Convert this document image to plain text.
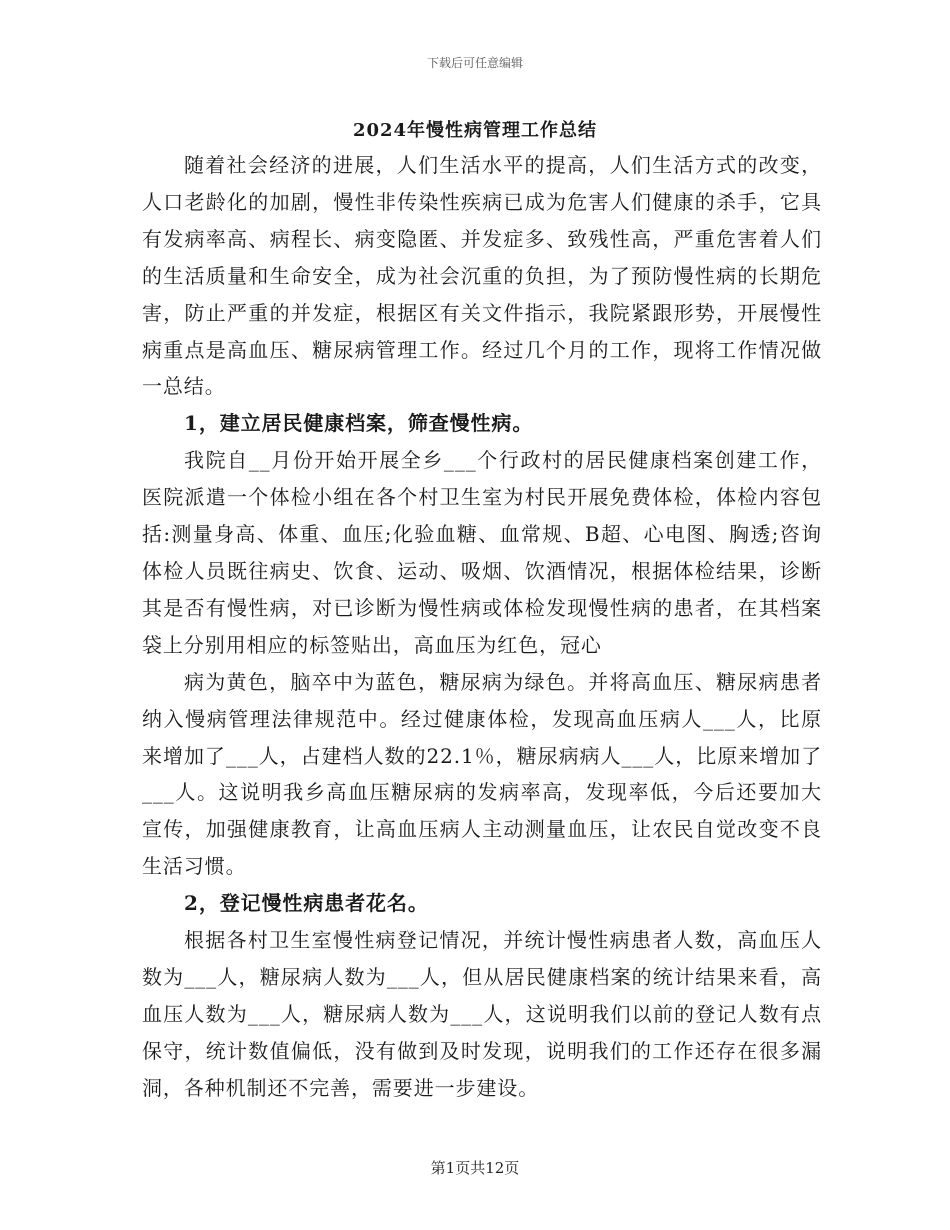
下载后可任意编辑
2024年慢性病管理工作总结

随着社会经济的进展，人们生活水平的提高，人们生活方式的改变，人口老龄化的加剧，慢性非传染性疾病已成为危害人们健康的杀手，它具有发病率高、病程长、病变隐匿、并发症多、致残性高，严重危害着人们的生活质量和生命安全，成为社会沉重的负担，为了预防慢性病的长期危害，防止严重的并发症，根据区有关文件指示，我院紧跟形势，开展慢性病重点是高血压、糖尿病管理工作。经过几个月的工作，现将工作情况做一总结。

1，建立居民健康档案，筛查慢性病。

我院自__月份开始开展全乡___个行政村的居民健康档案创建工作，医院派遣一个体检小组在各个村卫生室为村民开展免费体检，体检内容包括:测量身高、体重、血压;化验血糖、血常规、B超、心电图、胸透;咨询体检人员既往病史、饮食、运动、吸烟、饮酒情况，根据体检结果，诊断其是否有慢性病，对已诊断为慢性病或体检发现慢性病的患者，在其档案袋上分别用相应的标签贴出，高血压为红色，冠心

病为黄色，脑卒中为蓝色，糖尿病为绿色。并将高血压、糖尿病患者纳入慢病管理法律规范中。经过健康体检，发现高血压病人___人，比原来增加了___人，占建档人数的22.1％，糖尿病病人___人，比原来增加了___人。这说明我乡高血压糖尿病的发病率高，发现率低，今后还要加大宣传，加强健康教育，让高血压病人主动测量血压，让农民自觉改变不良生活习惯。

2，登记慢性病患者花名。

根据各村卫生室慢性病登记情况，并统计慢性病患者人数，高血压人数为___人，糖尿病人数为___人，但从居民健康档案的统计结果来看，高血压人数为___人，糖尿病人数为___人，这说明我们以前的登记人数有点保守，统计数值偏低，没有做到及时发现，说明我们的工作还存在很多漏洞，各种机制还不完善，需要进一步建设。

第1页共12页
